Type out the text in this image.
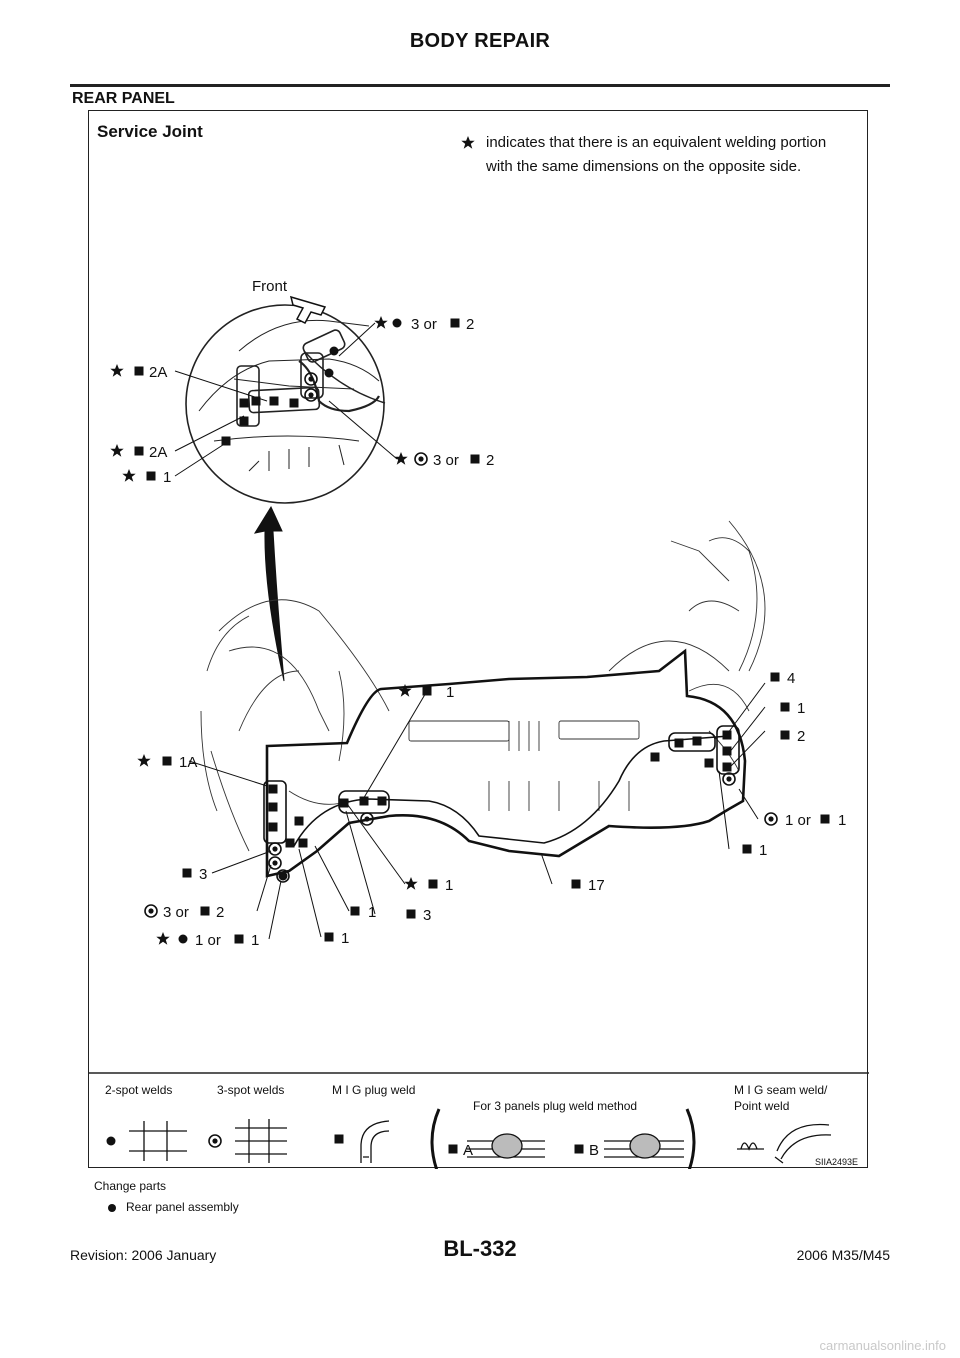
BODY REPAIR
REAR PANEL
Service Joint
indicates that there is an equivalent welding portion
with the same dimensions on the opposite side.
Front
3 or 2
2A
2A
1
3 or 2
1
4
1
2
1 or 1
1
17
1
1A
3
3 or 2
1 or 1
1	3
1
2-spot welds	3-spot welds	M I G plug weld
For 3 panels plug weld method
M I G seam weld/
Point weld
A	B
SIIA2493E
Change parts
Rear panel assembly
Revision: 2006 January	BL-332	2006 M35/M45
carmanualsonline.info
